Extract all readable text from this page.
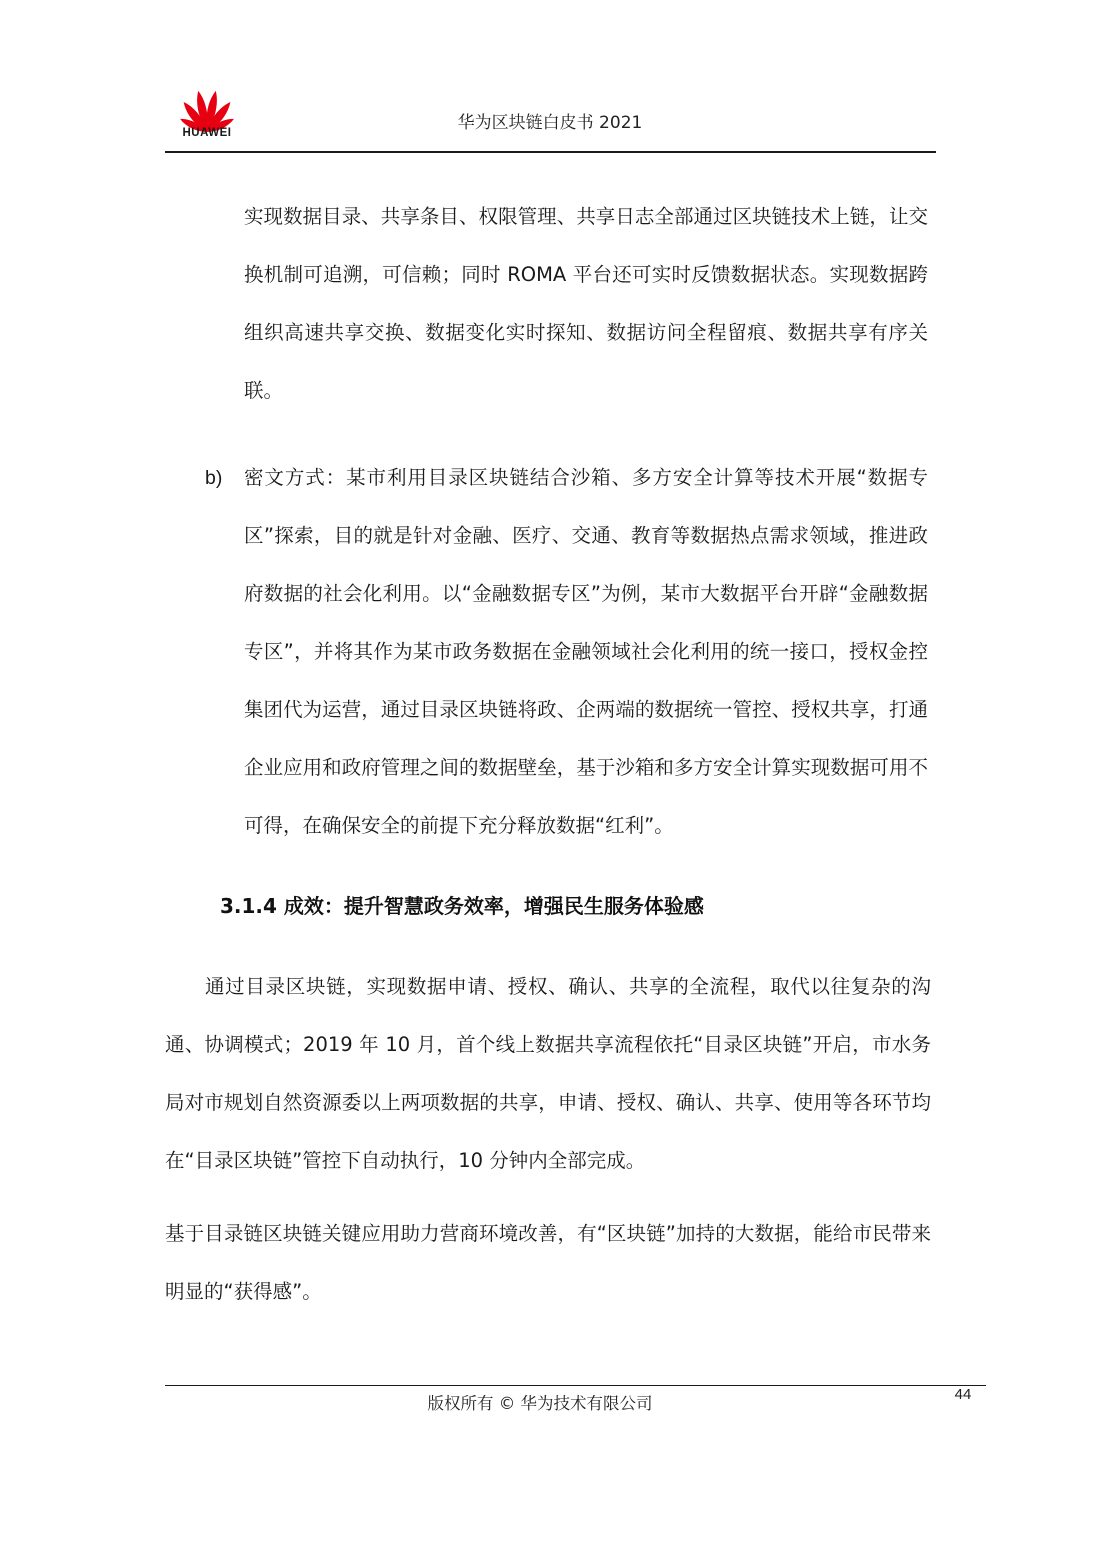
HUAWEI	华为区块链白皮书 2021

实现数据目录、共享条目、权限管理、共享日志全部通过区块链技术上链，让交换机制可追溯，可信赖；同时 ROMA 平台还可实时反馈数据状态。实现数据跨组织高速共享交换、数据变化实时探知、数据访问全程留痕、数据共享有序关联。

b) 密文方式：某市利用目录区块链结合沙箱、多方安全计算等技术开展“数据专区”探索，目的就是针对金融、医疗、交通、教育等数据热点需求领域，推进政府数据的社会化利用。以“金融数据专区”为例，某市大数据平台开辟“金融数据专区”，并将其作为某市政务数据在金融领域社会化利用的统一接口，授权金控集团代为运营，通过目录区块链将政、企两端的数据统一管控、授权共享，打通企业应用和政府管理之间的数据壁垒，基于沙箱和多方安全计算实现数据可用不可得，在确保安全的前提下充分释放数据“红利”。

3.1.4 成效：提升智慧政务效率，增强民生服务体验感

通过目录区块链，实现数据申请、授权、确认、共享的全流程，取代以往复杂的沟通、协调模式；2019 年 10 月，首个线上数据共享流程依托“目录区块链”开启，市水务局对市规划自然资源委以上两项数据的共享，申请、授权、确认、共享、使用等各环节均在“目录区块链”管控下自动执行，10 分钟内全部完成。

基于目录链区块链关键应用助力营商环境改善，有“区块链”加持的大数据，能给市民带来明显的“获得感”。

版权所有 © 华为技术有限公司	44
